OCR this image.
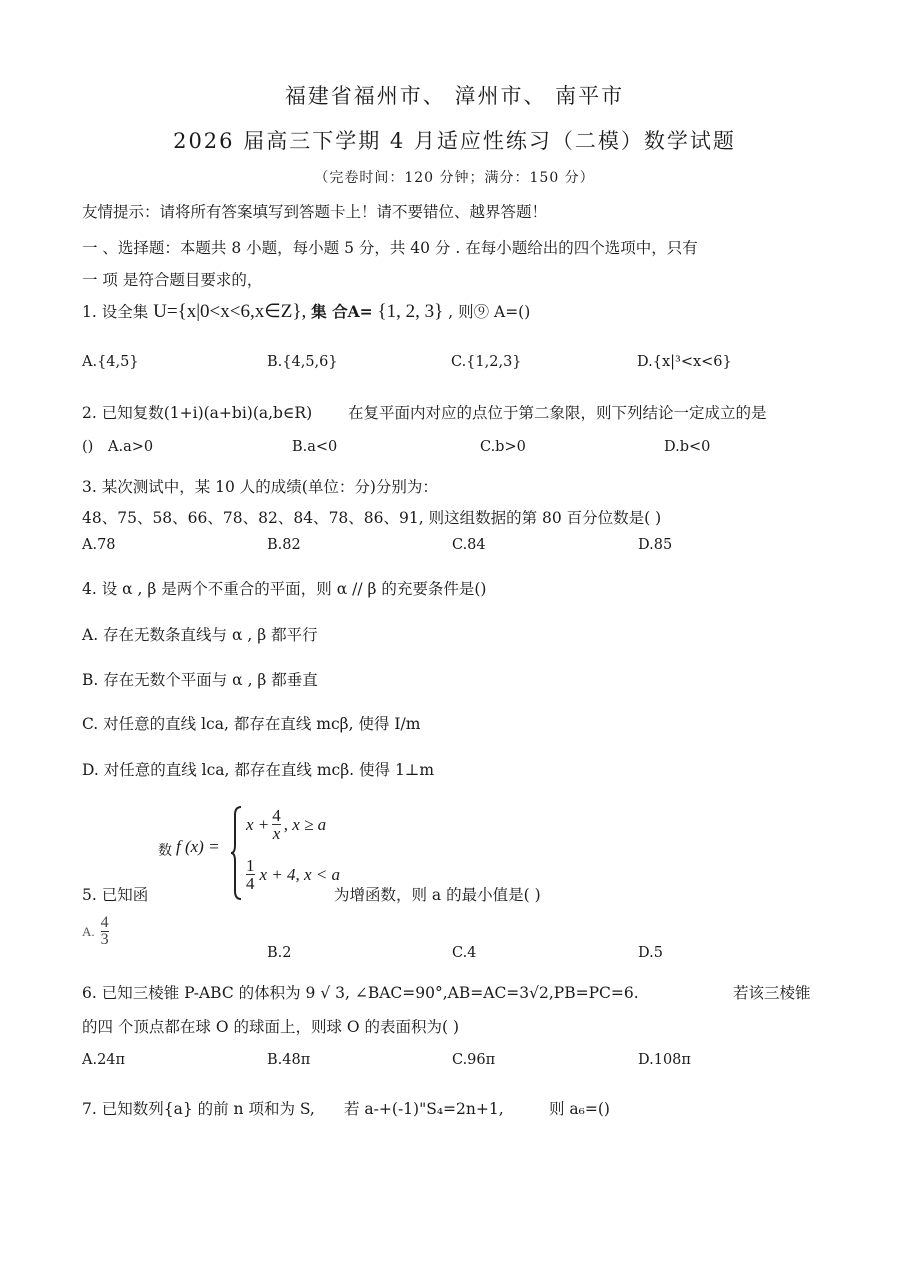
福建省福州市、 漳州市、 南平市
2026 届高三下学期 4 月适应性练习（二模）数学试题
（完卷时间：120 分钟；满分：150 分）
友情提示：请将所有答案填写到答题卡上！请不要错位、越界答题！
一 、选择题：本题共 8 小题，每小题 5 分，共 40 分 . 在每小题给出的四个选项中，只有
一 项 是符合题目要求的，
1. 设全集 U={x|0<x<6,x∈Z}, 集 合A= {1, 2, 3} , 则⑨ A=()
A.{4,5}	B.{4,5,6}	C.{1,2,3}	D.{x|³<x<6}
2. 已知复数(1+i)(a+bi)(a,b∈R) 在复平面内对应的点位于第二象限，则下列结论一定成立的是
() A.a>0	B.a<0	C.b>0	D.b<0
3. 某次测试中，某 10 人的成绩(单位：分)分别为：
48、75、58、66、78、82、84、78、86、91, 则这组数据的第 80 百分位数是( )
A.78	B.82	C.84	D.85
4. 设 α , β 是两个不重合的平面，则 α // β 的充要条件是()
A. 存在无数条直线与 α , β 都平行
B. 存在无数个平面与 α , β 都垂直
C. 对任意的直线 lca, 都存在直线 mcβ, 使得 I/m
D. 对任意的直线 lca, 都存在直线 mcβ. 使得 1⊥m
数 f (x) =
$x + \frac{4}{x}$ , x ≥ a
$\frac{1}{4}$ x + 4, x < a
5. 已知函	为增函数，则 a 的最小值是( )
A. $\frac{4}{3}$
B.2	C.4	D.5
6. 已知三棱锥 P-ABC 的体积为 9 √ 3, ∠BAC=90°,AB=AC=3√2,PB=PC=6.	若该三棱锥
的四 个顶点都在球 O 的球面上，则球 O 的表面积为( )
A.24π	B.48π	C.96π	D.108π
7. 已知数列{a} 的前 n 项和为 S, 若 a-+(-1)"S₄=2n+1,	则 a₆=()
